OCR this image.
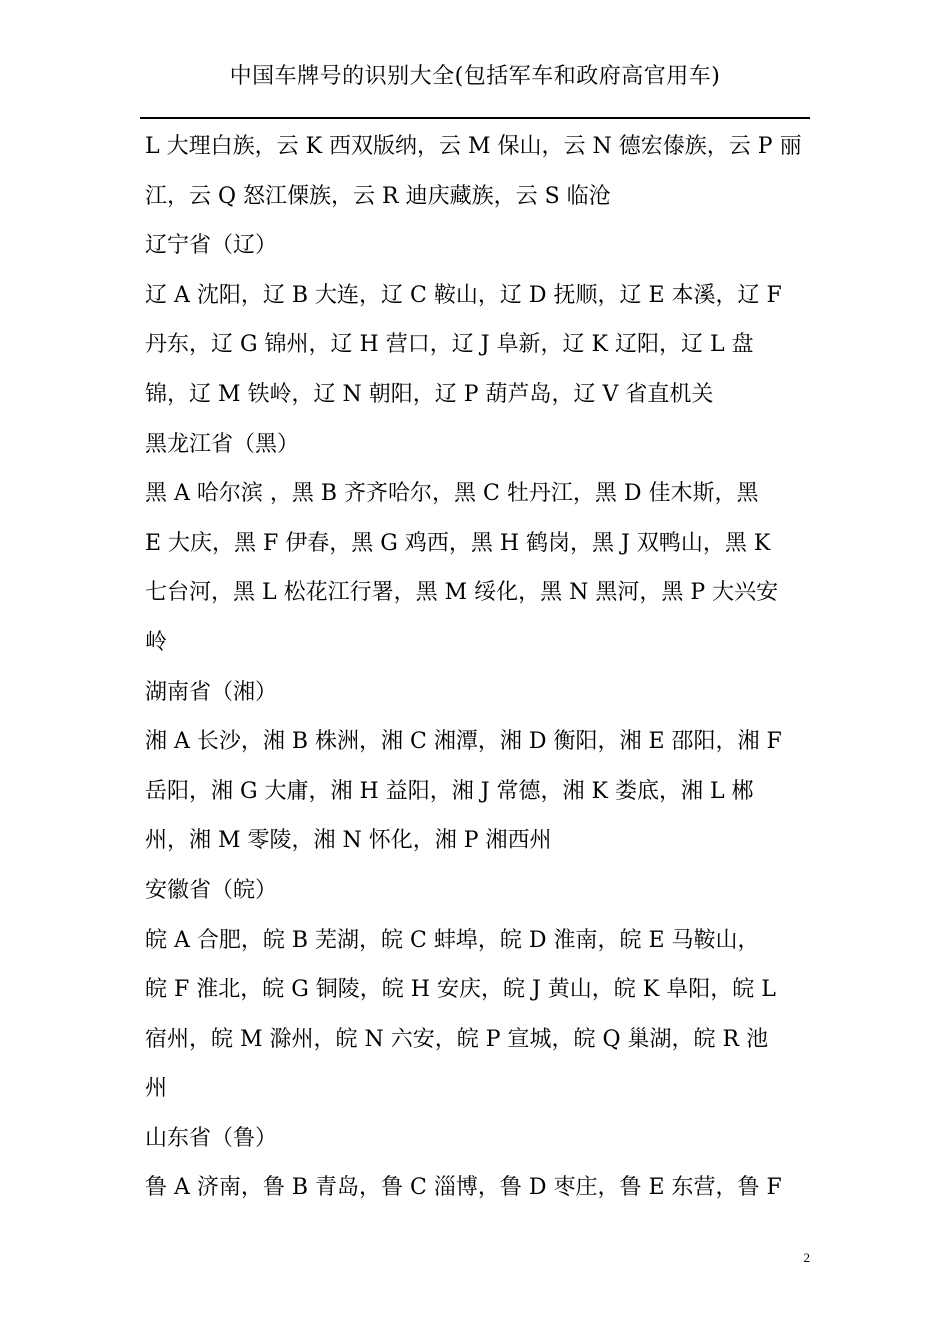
中国车牌号的识别大全(包括军车和政府高官用车)
L 大理白族，云 K 西双版纳，云 M 保山，云 N 德宏傣族，云 P 丽
江，云 Q 怒江傈族，云 R 迪庆藏族，云 S 临沧
辽宁省（辽）
辽 A 沈阳，辽 B 大连，辽 C 鞍山，辽 D 抚顺，辽 E 本溪，辽 F
丹东，辽 G 锦州，辽 H 营口，辽 J 阜新，辽 K 辽阳，辽 L 盘
锦，辽 M 铁岭，辽 N 朝阳，辽 P 葫芦岛，辽 V 省直机关
黑龙江省（黑）
黑 A 哈尔滨 ，黑 B 齐齐哈尔，黑 C 牡丹江，黑 D 佳木斯，黑
E 大庆，黑 F 伊春，黑 G 鸡西，黑 H 鹤岗，黑 J 双鸭山，黑 K
七台河，黑 L 松花江行署，黑 M 绥化，黑 N 黑河，黑 P 大兴安
岭
湖南省（湘）
湘 A 长沙，湘 B 株洲，湘 C 湘潭，湘 D 衡阳，湘 E 邵阳，湘 F
岳阳，湘 G 大庸，湘 H 益阳，湘 J 常德，湘 K 娄底，湘 L 郴
州，湘 M 零陵，湘 N 怀化，湘 P 湘西州
安徽省（皖）
皖 A 合肥，皖 B 芜湖，皖 C 蚌埠，皖 D 淮南，皖 E 马鞍山，
皖 F 淮北，皖 G 铜陵，皖 H 安庆，皖 J 黄山，皖 K 阜阳，皖 L
宿州，皖 M 滁州，皖 N 六安，皖 P 宣城，皖 Q 巢湖，皖 R 池
州
山东省（鲁）
鲁 A 济南，鲁 B 青岛，鲁 C 淄博，鲁 D 枣庄，鲁 E 东营，鲁 F
2
